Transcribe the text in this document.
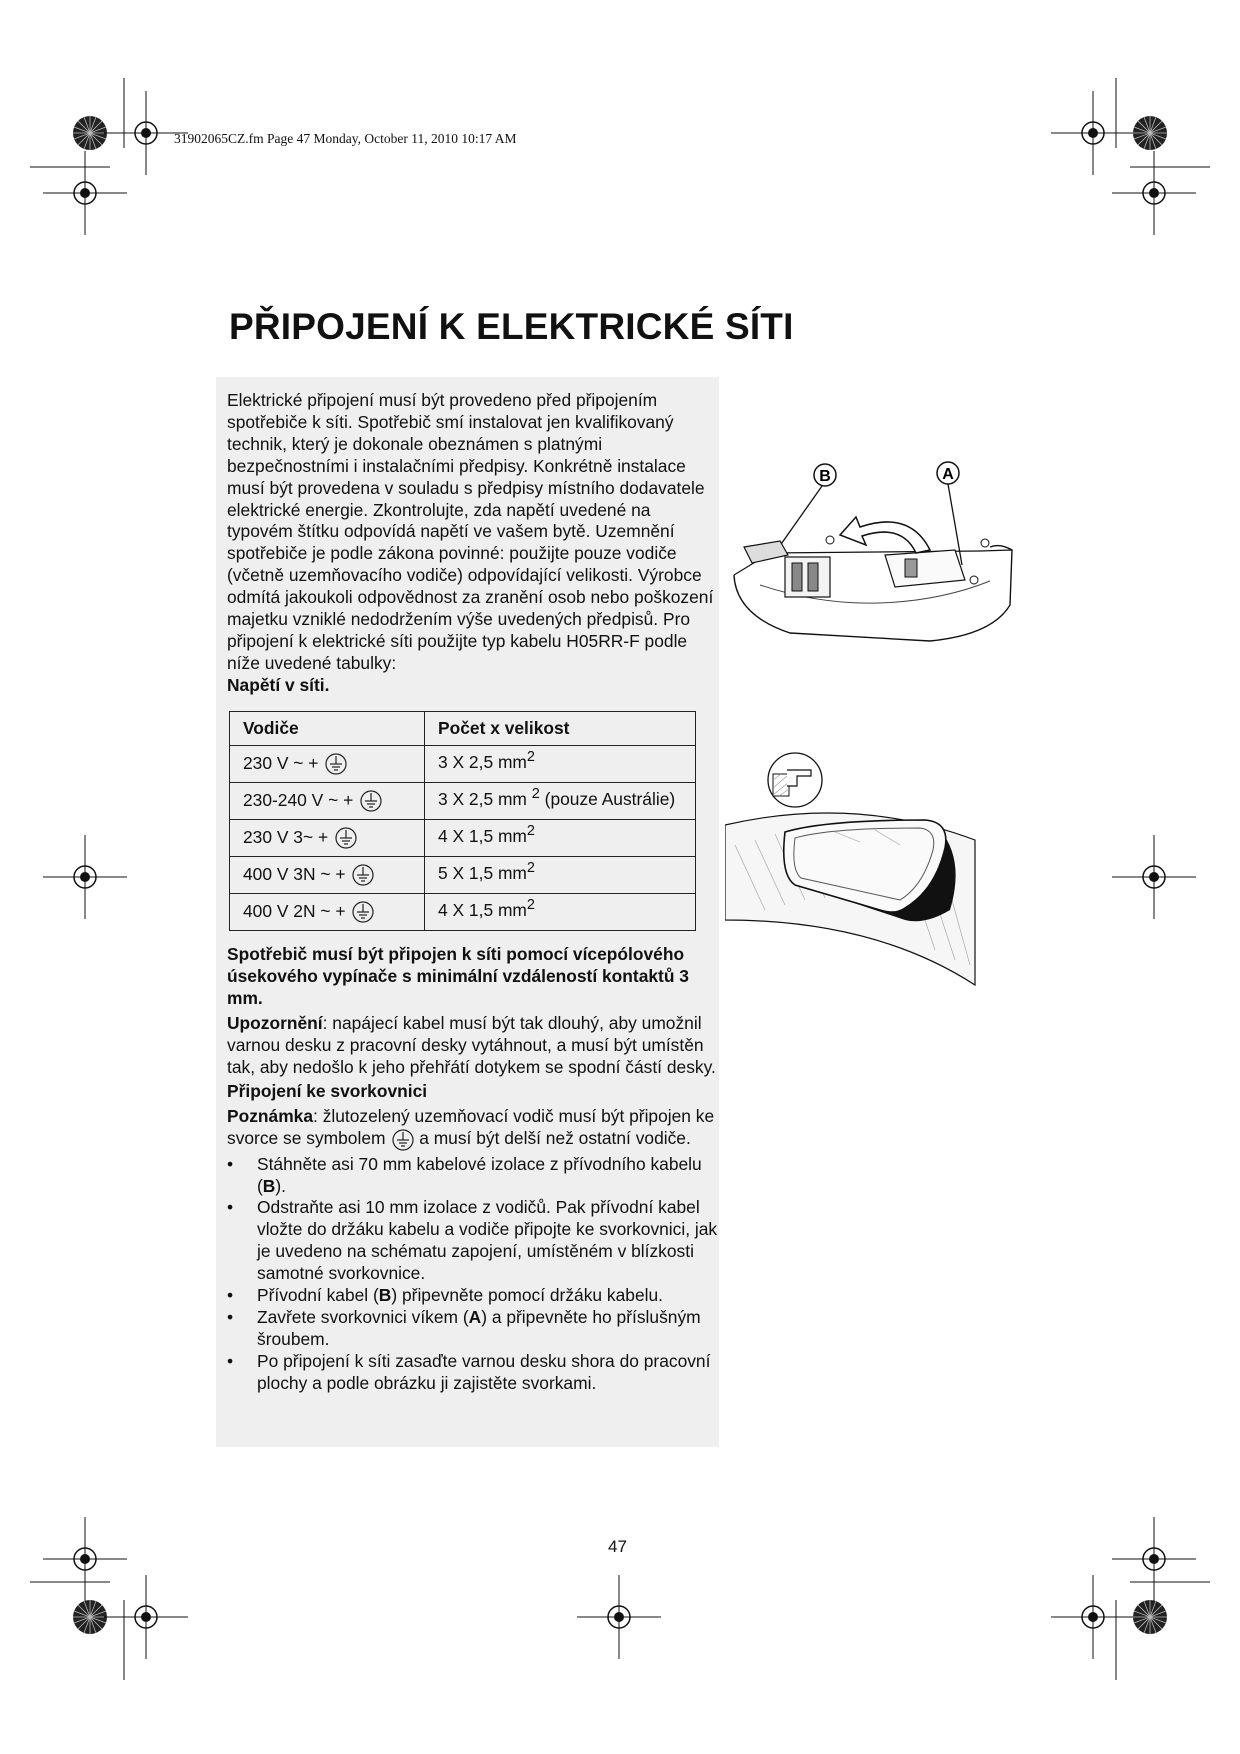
31902065CZ.fm Page 47 Monday, October 11, 2010 10:17 AM
PŘIPOJENÍ K ELEKTRICKÉ SÍTI

Elektrické připojení musí být provedeno před připojením spotřebiče k síti. Spotřebič smí instalovat jen kvalifikovaný technik, který je dokonale obeznámen s platnými bezpečnostními i instalačními předpisy. Konkrétně instalace musí být provedena v souladu s předpisy místního dodavatele elektrické energie. Zkontrolujte, zda napětí uvedené na typovém štítku odpovídá napětí ve vašem bytě. Uzemnění spotřebiče je podle zákona povinné: použijte pouze vodiče (včetně uzemňovacího vodiče) odpovídající velikosti. Výrobce odmítá jakoukoli odpovědnost za zranění osob nebo poškození majetku vzniklé nedodržením výše uvedených předpisů. Pro připojení k elektrické síti použijte typ kabelu H05RR-F podle níže uvedené tabulky:

Napětí v síti.

Vodiče	Počet x velikost
230 V ~ +	3 X 2,5 $mm^2$
230-240 V ~ +	3 X 2,5 mm $^2$ (pouze Austrálie)
230 V 3~ +	4 X 1,5 $mm^2$
400 V 3N ~ +	5 X 1,5 $mm^2$
400 V 2N ~ +	4 X 1,5 $mm^2$

Spotřebič musí být připojen k síti pomocí vícepólového úsekového vypínače s minimální vzdáleností kontaktů 3 mm.

Upozornění: napájecí kabel musí být tak dlouhý, aby umožnil varnou desku z pracovní desky vytáhnout, a musí být umístěn tak, aby nedošlo k jeho přehřátí dotykem se spodní částí desky.

Připojení ke svorkovnici

Poznámka: žlutozelený uzemňovací vodič musí být připojen ke svorce se symbolem a musí být delší než ostatní vodiče.

• Stáhněte asi 70 mm kabelové izolace z přívodního kabelu (B).
• Odstraňte asi 10 mm izolace z vodičů. Pak přívodní kabel vložte do držáku kabelu a vodiče připojte ke svorkovnici, jak je uvedeno na schématu zapojení, umístěném v blízkosti samotné svorkovnice.
• Přívodní kabel (B) připevněte pomocí držáku kabelu.
• Zavřete svorkovnici víkem (A) a připevněte ho příslušným šroubem.
• Po připojení k síti zasaďte varnou desku shora do pracovní plochy a podle obrázku ji zajistěte svorkami.
B	A
47
